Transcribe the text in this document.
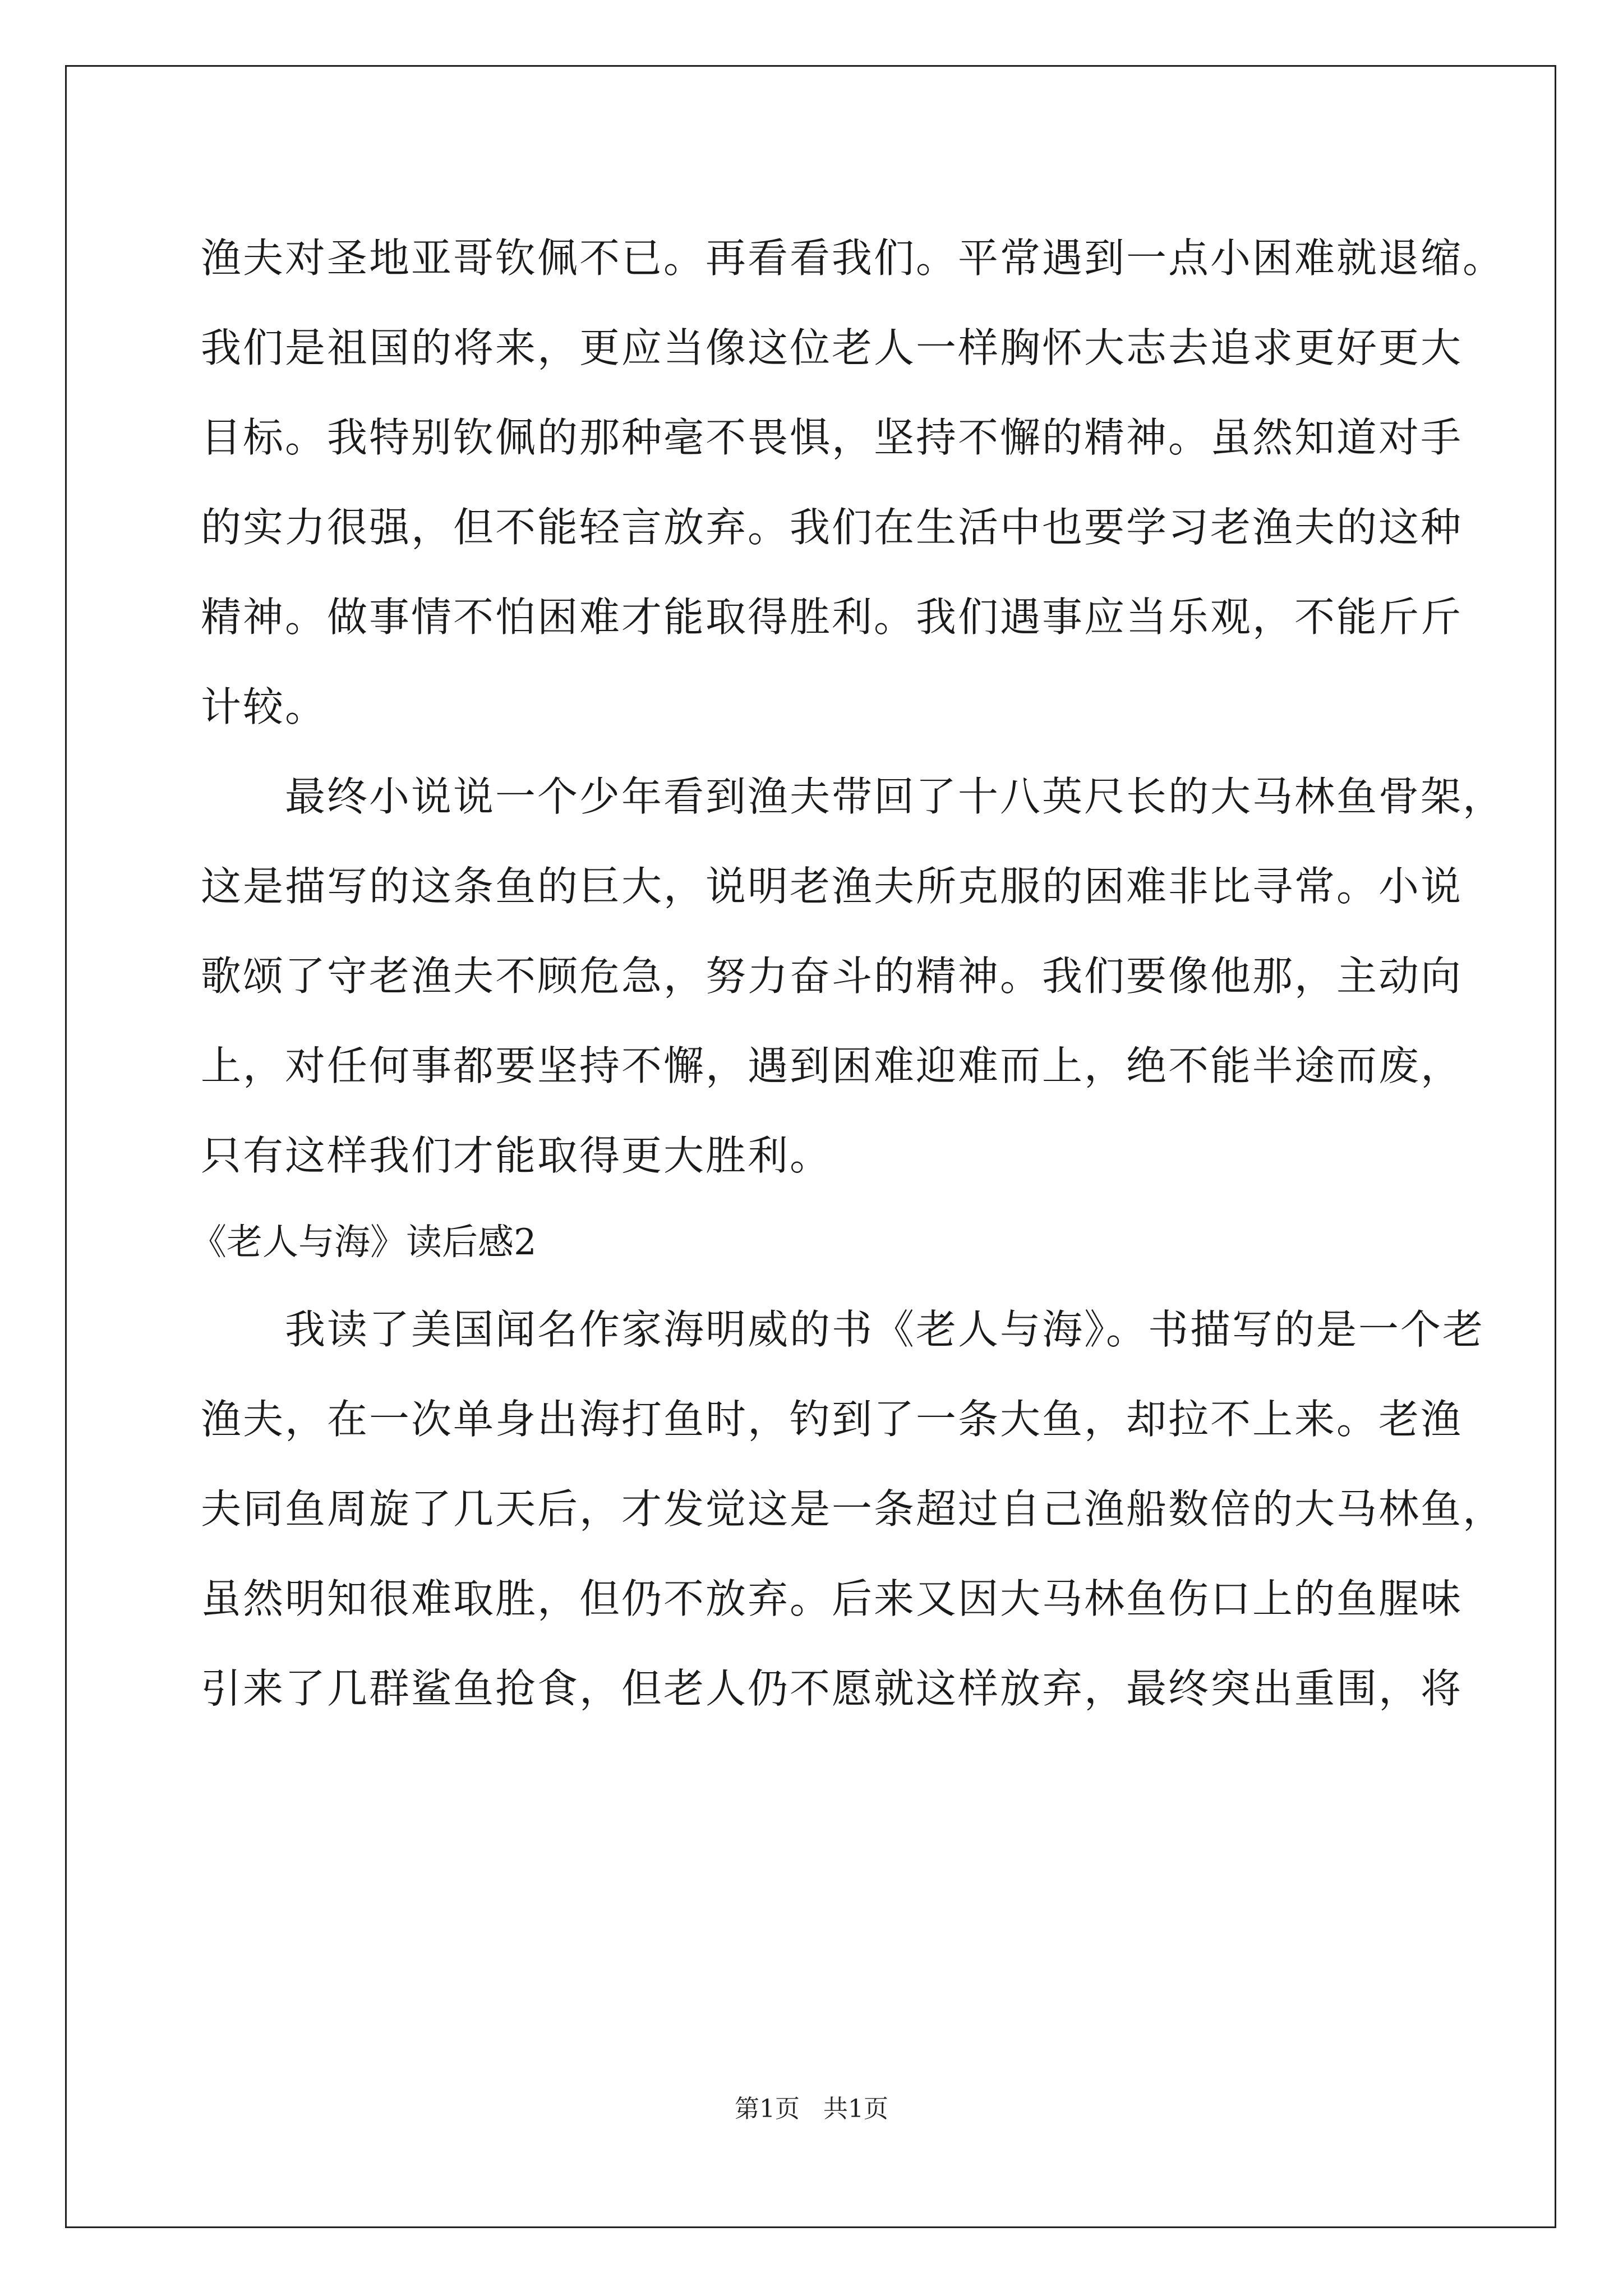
渔夫对圣地亚哥钦佩不已。再看看我们。平常遇到一点小困难就退缩。
我们是祖国的将来，更应当像这位老人一样胸怀大志去追求更好更大
目标。我特别钦佩的那种毫不畏惧，坚持不懈的精神。虽然知道对手
的实力很强，但不能轻言放弃。我们在生活中也要学习老渔夫的这种
精神。做事情不怕困难才能取得胜利。我们遇事应当乐观，不能斤斤
计较。
最终小说说一个少年看到渔夫带回了十八英尺长的大马林鱼骨架，
这是描写的这条鱼的巨大，说明老渔夫所克服的困难非比寻常。小说
歌颂了守老渔夫不顾危急，努力奋斗的精神。我们要像他那，主动向
上，对任何事都要坚持不懈，遇到困难迎难而上，绝不能半途而废，
只有这样我们才能取得更大胜利。
《老人与海》读后感2
我读了美国闻名作家海明威的书《老人与海》。书描写的是一个老
渔夫，在一次单身出海打鱼时，钓到了一条大鱼，却拉不上来。老渔
夫同鱼周旋了几天后，才发觉这是一条超过自己渔船数倍的大马林鱼，
虽然明知很难取胜，但仍不放弃。后来又因大马林鱼伤口上的鱼腥味
引来了几群鲨鱼抢食，但老人仍不愿就这样放弃，最终突出重围，将
第1页 共1页
